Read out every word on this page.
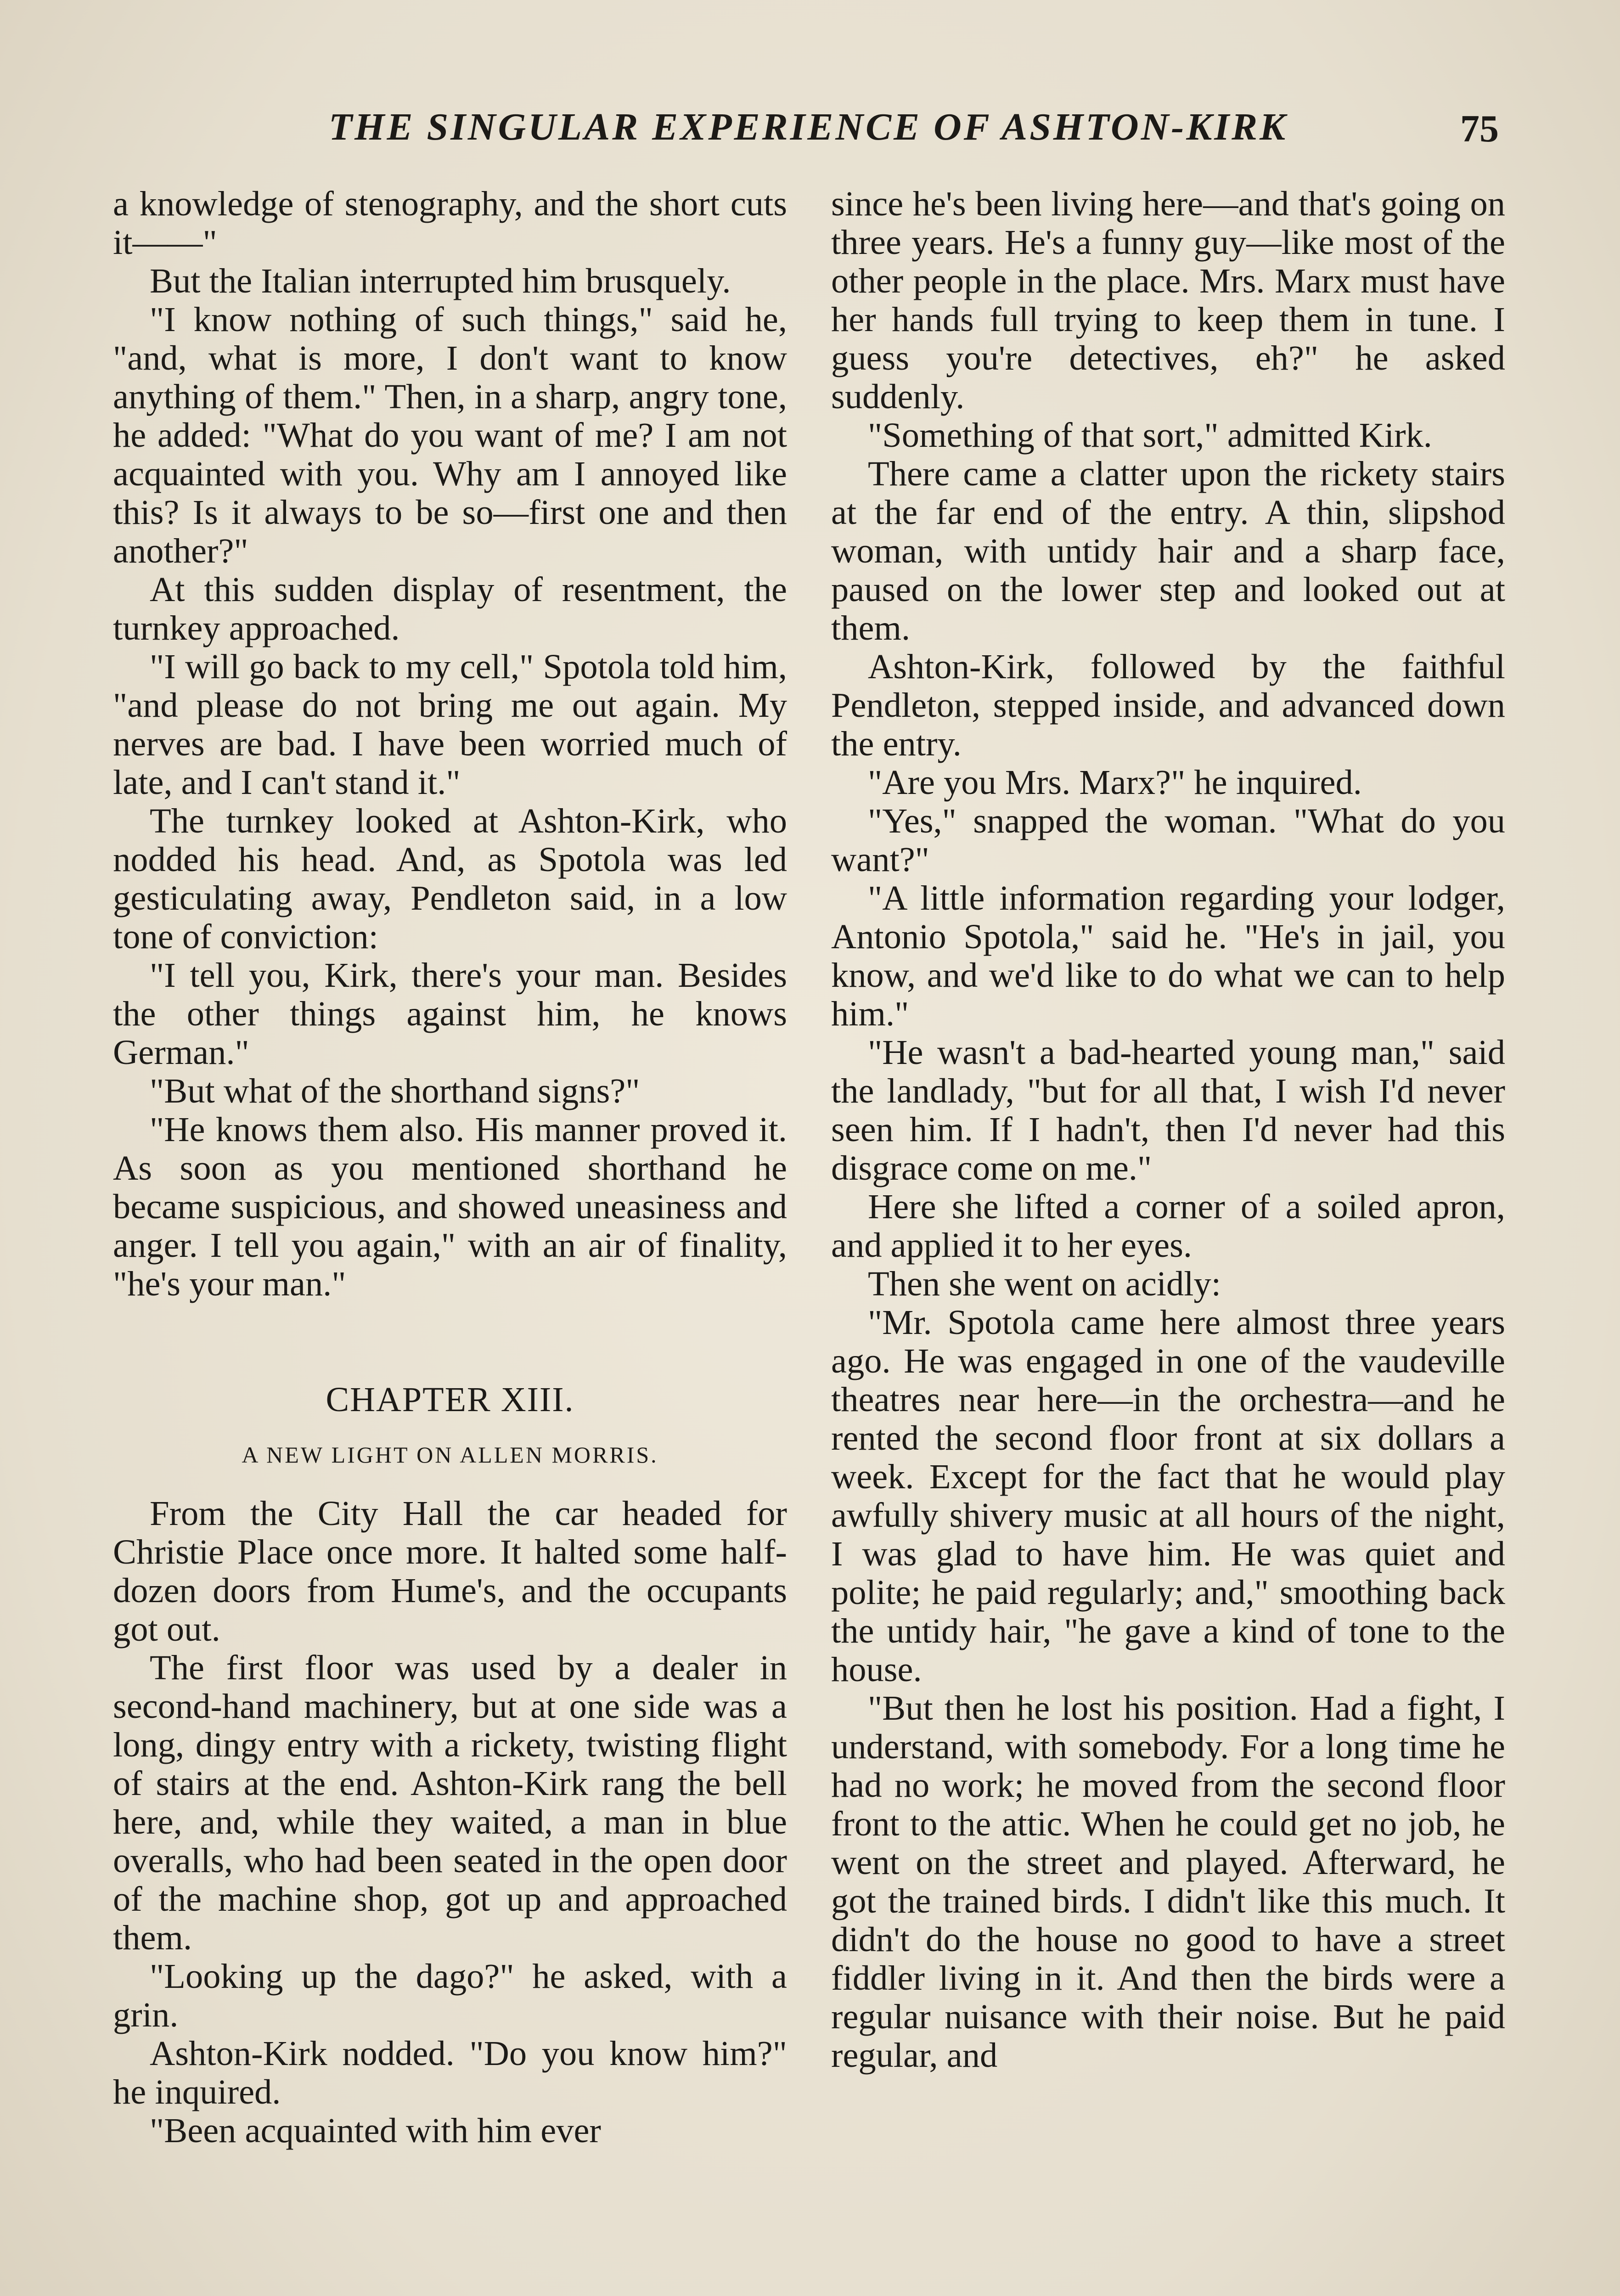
THE SINGULAR EXPERIENCE OF ASHTON-KIRK	75

a knowledge of stenography, and the short cuts it——"

But the Italian interrupted him brusquely.

"I know nothing of such things," said he, "and, what is more, I don't want to know anything of them." Then, in a sharp, angry tone, he added: "What do you want of me? I am not acquainted with you. Why am I annoyed like this? Is it always to be so—first one and then another?"

At this sudden display of resentment, the turnkey approached.

"I will go back to my cell," Spotola told him, "and please do not bring me out again. My nerves are bad. I have been worried much of late, and I can't stand it."

The turnkey looked at Ashton-Kirk, who nodded his head. And, as Spotola was led gesticulating away, Pendleton said, in a low tone of conviction:

"I tell you, Kirk, there's your man. Besides the other things against him, he knows German."

"But what of the shorthand signs?"

"He knows them also. His manner proved it. As soon as you mentioned shorthand he became suspicious, and showed uneasiness and anger. I tell you again," with an air of finality, "he's your man."

CHAPTER XIII.

A NEW LIGHT ON ALLEN MORRIS.

From the City Hall the car headed for Christie Place once more. It halted some half-dozen doors from Hume's, and the occupants got out.

The first floor was used by a dealer in second-hand machinery, but at one side was a long, dingy entry with a rickety, twisting flight of stairs at the end. Ashton-Kirk rang the bell here, and, while they waited, a man in blue overalls, who had been seated in the open door of the machine shop, got up and approached them.

"Looking up the dago?" he asked, with a grin.

Ashton-Kirk nodded. "Do you know him?" he inquired.

"Been acquainted with him ever

since he's been living here—and that's going on three years. He's a funny guy—like most of the other people in the place. Mrs. Marx must have her hands full trying to keep them in tune. I guess you're detectives, eh?" he asked suddenly.

"Something of that sort," admitted Kirk.

There came a clatter upon the rickety stairs at the far end of the entry. A thin, slipshod woman, with untidy hair and a sharp face, paused on the lower step and looked out at them.

Ashton-Kirk, followed by the faithful Pendleton, stepped inside, and advanced down the entry.

"Are you Mrs. Marx?" he inquired.

"Yes," snapped the woman. "What do you want?"

"A little information regarding your lodger, Antonio Spotola," said he. "He's in jail, you know, and we'd like to do what we can to help him."

"He wasn't a bad-hearted young man," said the landlady, "but for all that, I wish I'd never seen him. If I hadn't, then I'd never had this disgrace come on me."

Here she lifted a corner of a soiled apron, and applied it to her eyes.

Then she went on acidly:

"Mr. Spotola came here almost three years ago. He was engaged in one of the vaudeville theatres near here—in the orchestra—and he rented the second floor front at six dollars a week. Except for the fact that he would play awfully shivery music at all hours of the night, I was glad to have him. He was quiet and polite; he paid regularly; and," smoothing back the untidy hair, "he gave a kind of tone to the house.

"But then he lost his position. Had a fight, I understand, with somebody. For a long time he had no work; he moved from the second floor front to the attic. When he could get no job, he went on the street and played. Afterward, he got the trained birds. I didn't like this much. It didn't do the house no good to have a street fiddler living in it. And then the birds were a regular nuisance with their noise. But he paid regular, and
